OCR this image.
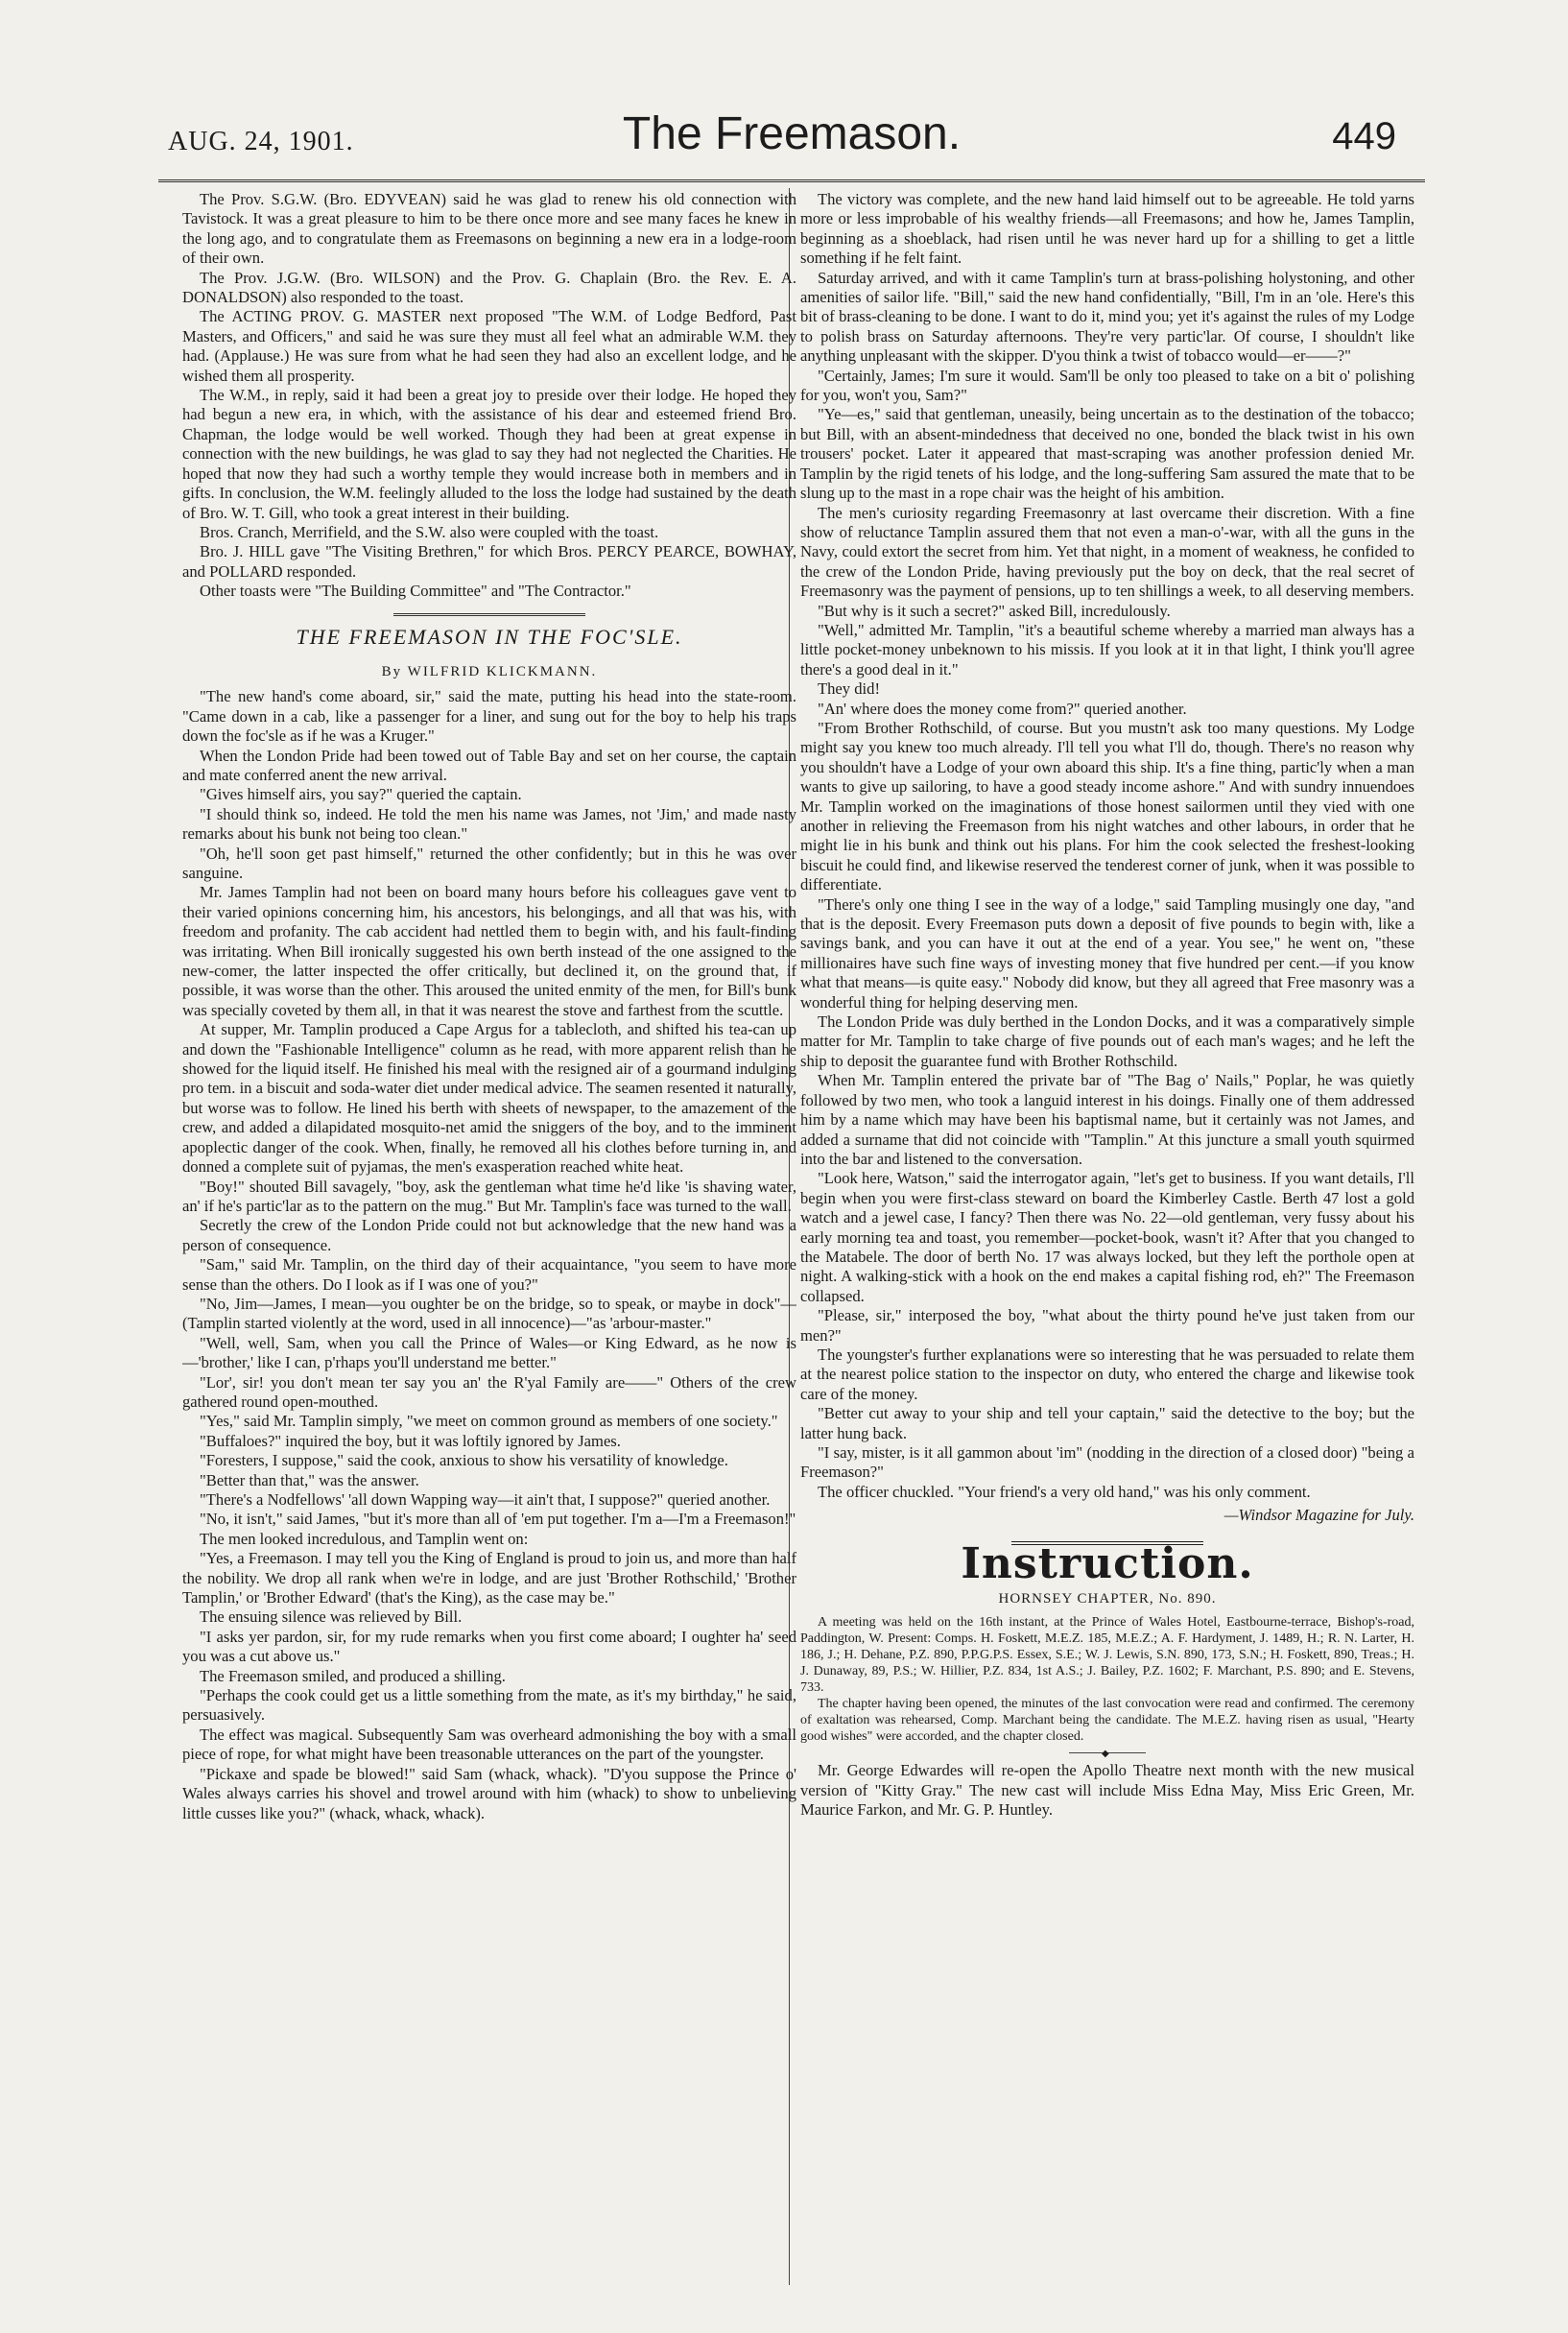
AUG. 24, 1901.	The Freemason.	449

The Prov. S.G.W. (Bro. EDYVEAN) said he was glad to renew his old connection with Tavistock. It was a great pleasure to him to be there once more and see many faces he knew in the long ago, and to congratulate them as Freemasons on beginning a new era in a lodge-room of their own.

The Prov. J.G.W. (Bro. WILSON) and the Prov. G. Chaplain (Bro. the Rev. E. A. DONALDSON) also responded to the toast.

The ACTING PROV. G. MASTER next proposed "The W.M. of Lodge Bedford, Past Masters, and Officers," and said he was sure they must all feel what an admirable W.M. they had. (Applause.) He was sure from what he had seen they had also an excellent lodge, and he wished them all prosperity.

The W.M., in reply, said it had been a great joy to preside over their lodge. He hoped they had begun a new era, in which, with the assistance of his dear and esteemed friend Bro. Chapman, the lodge would be well worked. Though they had been at great expense in connection with the new buildings, he was glad to say they had not neglected the Charities. He hoped that now they had such a worthy temple they would increase both in members and in gifts. In conclusion, the W.M. feelingly alluded to the loss the lodge had sustained by the death of Bro. W. T. Gill, who took a great interest in their building.

Bros. Cranch, Merrifield, and the S.W. also were coupled with the toast.

Bro. J. HILL gave "The Visiting Brethren," for which Bros. PERCY PEARCE, BOWHAY, and POLLARD responded.

Other toasts were "The Building Committee" and "The Contractor."

THE FREEMASON IN THE FOC'SLE.
By WILFRID KLICKMANN.

"The new hand's come aboard, sir," said the mate, putting his head into the state-room. "Came down in a cab, like a passenger for a liner, and sung out for the boy to help his traps down the foc'sle as if he was a Kruger."

When the London Pride had been towed out of Table Bay and set on her course, the captain and mate conferred anent the new arrival.

"Gives himself airs, you say?" queried the captain.

"I should think so, indeed. He told the men his name was James, not 'Jim,' and made nasty remarks about his bunk not being too clean."

"Oh, he'll soon get past himself," returned the other confidently; but in this he was over sanguine.

Mr. James Tamplin had not been on board many hours before his colleagues gave vent to their varied opinions concerning him, his ancestors, his belongings, and all that was his, with freedom and profanity. The cab accident had nettled them to begin with, and his fault-finding was irritating. When Bill ironically suggested his own berth instead of the one assigned to the new-comer, the latter inspected the offer critically, but declined it, on the ground that, if possible, it was worse than the other. This aroused the united enmity of the men, for Bill's bunk was specially coveted by them all, in that it was nearest the stove and farthest from the scuttle.

At supper, Mr. Tamplin produced a Cape Argus for a tablecloth, and shifted his tea-can up and down the "Fashionable Intelligence" column as he read, with more apparent relish than he showed for the liquid itself. He finished his meal with the resigned air of a gourmand indulging pro tem. in a biscuit and soda-water diet under medical advice. The seamen resented it naturally, but worse was to follow. He lined his berth with sheets of newspaper, to the amazement of the crew, and added a dilapidated mosquito-net amid the sniggers of the boy, and to the imminent apoplectic danger of the cook. When, finally, he removed all his clothes before turning in, and donned a complete suit of pyjamas, the men's exasperation reached white heat.

"Boy!" shouted Bill savagely, "boy, ask the gentleman what time he'd like 'is shaving water, an' if he's partic'lar as to the pattern on the mug." But Mr. Tamplin's face was turned to the wall.

Secretly the crew of the London Pride could not but acknowledge that the new hand was a person of consequence.

"Sam," said Mr. Tamplin, on the third day of their acquaintance, "you seem to have more sense than the others. Do I look as if I was one of you?"

"No, Jim—James, I mean—you oughter be on the bridge, so to speak, or maybe in dock"—(Tamplin started violently at the word, used in all innocence)—"as 'arbour-master."

"Well, well, Sam, when you call the Prince of Wales—or King Edward, as he now is—'brother,' like I can, p'rhaps you'll understand me better."

"Lor', sir! you don't mean ter say you an' the R'yal Family are——" Others of the crew gathered round open-mouthed.

"Yes," said Mr. Tamplin simply, "we meet on common ground as members of one society."

"Buffaloes?" inquired the boy, but it was loftily ignored by James.

"Foresters, I suppose," said the cook, anxious to show his versatility of knowledge.

"Better than that," was the answer.

"There's a Nodfellows' 'all down Wapping way—it ain't that, I suppose?" queried another.

"No, it isn't," said James, "but it's more than all of 'em put together. I'm a—I'm a Freemason!"

The men looked incredulous, and Tamplin went on:

"Yes, a Freemason. I may tell you the King of England is proud to join us, and more than half the nobility. We drop all rank when we're in lodge, and are just 'Brother Rothschild,' 'Brother Tamplin,' or 'Brother Edward' (that's the King), as the case may be."

The ensuing silence was relieved by Bill.

"I asks yer pardon, sir, for my rude remarks when you first come aboard; I oughter ha' seed you was a cut above us."

The Freemason smiled, and produced a shilling.

"Perhaps the cook could get us a little something from the mate, as it's my birthday," he said, persuasively.

The effect was magical. Subsequently Sam was overheard admonishing the boy with a small piece of rope, for what might have been treasonable utterances on the part of the youngster.

"Pickaxe and spade be blowed!" said Sam (whack, whack). "D'you suppose the Prince o' Wales always carries his shovel and trowel around with him (whack) to show to unbelieving little cusses like you?" (whack, whack, whack).

The victory was complete, and the new hand laid himself out to be agreeable. He told yarns more or less improbable of his wealthy friends—all Freemasons; and how he, James Tamplin, beginning as a shoeblack, had risen until he was never hard up for a shilling to get a little something if he felt faint.

Saturday arrived, and with it came Tamplin's turn at brass-polishing holystoning, and other amenities of sailor life. "Bill," said the new hand confidentially, "Bill, I'm in an 'ole. Here's this bit of brass-cleaning to be done. I want to do it, mind you; yet it's against the rules of my Lodge to polish brass on Saturday afternoons. They're very partic'lar. Of course, I shouldn't like anything unpleasant with the skipper. D'you think a twist of tobacco would—er——?"

"Certainly, James; I'm sure it would. Sam'll be only too pleased to take on a bit o' polishing for you, won't you, Sam?"

"Ye—es," said that gentleman, uneasily, being uncertain as to the destination of the tobacco; but Bill, with an absent-mindedness that deceived no one, bonded the black twist in his own trousers' pocket. Later it appeared that mast-scraping was another profession denied Mr. Tamplin by the rigid tenets of his lodge, and the long-suffering Sam assured the mate that to be slung up to the mast in a rope chair was the height of his ambition.

The men's curiosity regarding Freemasonry at last overcame their discretion. With a fine show of reluctance Tamplin assured them that not even a man-o'-war, with all the guns in the Navy, could extort the secret from him. Yet that night, in a moment of weakness, he confided to the crew of the London Pride, having previously put the boy on deck, that the real secret of Freemasonry was the payment of pensions, up to ten shillings a week, to all deserving members.

"But why is it such a secret?" asked Bill, incredulously.

"Well," admitted Mr. Tamplin, "it's a beautiful scheme whereby a married man always has a little pocket-money unbeknown to his missis. If you look at it in that light, I think you'll agree there's a good deal in it."

They did!

"An' where does the money come from?" queried another.

"From Brother Rothschild, of course. But you mustn't ask too many questions. My Lodge might say you knew too much already. I'll tell you what I'll do, though. There's no reason why you shouldn't have a Lodge of your own aboard this ship. It's a fine thing, partic'ly when a man wants to give up sailoring, to have a good steady income ashore." And with sundry innuendoes Mr. Tamplin worked on the imaginations of those honest sailormen until they vied with one another in relieving the Freemason from his night watches and other labours, in order that he might lie in his bunk and think out his plans. For him the cook selected the freshest-looking biscuit he could find, and likewise reserved the tenderest corner of junk, when it was possible to differentiate.

"There's only one thing I see in the way of a lodge," said Tampling musingly one day, "and that is the deposit. Every Freemason puts down a deposit of five pounds to begin with, like a savings bank, and you can have it out at the end of a year. You see," he went on, "these millionaires have such fine ways of investing money that five hundred per cent.—if you know what that means—is quite easy." Nobody did know, but they all agreed that Free masonry was a wonderful thing for helping deserving men.

The London Pride was duly berthed in the London Docks, and it was a comparatively simple matter for Mr. Tamplin to take charge of five pounds out of each man's wages; and he left the ship to deposit the guarantee fund with Brother Rothschild.

When Mr. Tamplin entered the private bar of "The Bag o' Nails," Poplar, he was quietly followed by two men, who took a languid interest in his doings. Finally one of them addressed him by a name which may have been his baptismal name, but it certainly was not James, and added a surname that did not coincide with "Tamplin." At this juncture a small youth squirmed into the bar and listened to the conversation.

"Look here, Watson," said the interrogator again, "let's get to business. If you want details, I'll begin when you were first-class steward on board the Kimberley Castle. Berth 47 lost a gold watch and a jewel case, I fancy? Then there was No. 22—old gentleman, very fussy about his early morning tea and toast, you remember—pocket-book, wasn't it? After that you changed to the Matabele. The door of berth No. 17 was always locked, but they left the porthole open at night. A walking-stick with a hook on the end makes a capital fishing rod, eh?" The Freemason collapsed.

"Please, sir," interposed the boy, "what about the thirty pound he've just taken from our men?"

The youngster's further explanations were so interesting that he was persuaded to relate them at the nearest police station to the inspector on duty, who entered the charge and likewise took care of the money.

"Better cut away to your ship and tell your captain," said the detective to the boy; but the latter hung back.

"I say, mister, is it all gammon about 'im" (nodding in the direction of a closed door) "being a Freemason?"

The officer chuckled. "Your friend's a very old hand," was his only comment.

—Windsor Magazine for July.
Instruction.
HORNSEY CHAPTER, No. 890.

A meeting was held on the 16th instant, at the Prince of Wales Hotel, Eastbourne-terrace, Bishop's-road, Paddington, W. Present: Comps. H. Foskett, M.E.Z. 185, M.E.Z.; A. F. Hardyment, J. 1489, H.; R. N. Larter, H. 186, J.; H. Dehane, P.Z. 890, P.P.G.P.S. Essex, S.E.; W. J. Lewis, S.N. 890, 173, S.N.; H. Foskett, 890, Treas.; H. J. Dunaway, 89, P.S.; W. Hillier, P.Z. 834, 1st A.S.; J. Bailey, P.Z. 1602; F. Marchant, P.S. 890; and E. Stevens, 733.

The chapter having been opened, the minutes of the last convocation were read and confirmed. The ceremony of exaltation was rehearsed, Comp. Marchant being the candidate. The M.E.Z. having risen as usual, "Hearty good wishes" were accorded, and the chapter closed.

◆

Mr. George Edwardes will re-open the Apollo Theatre next month with the new musical version of "Kitty Gray." The new cast will include Miss Edna May, Miss Eric Green, Mr. Maurice Farkon, and Mr. G. P. Huntley.
